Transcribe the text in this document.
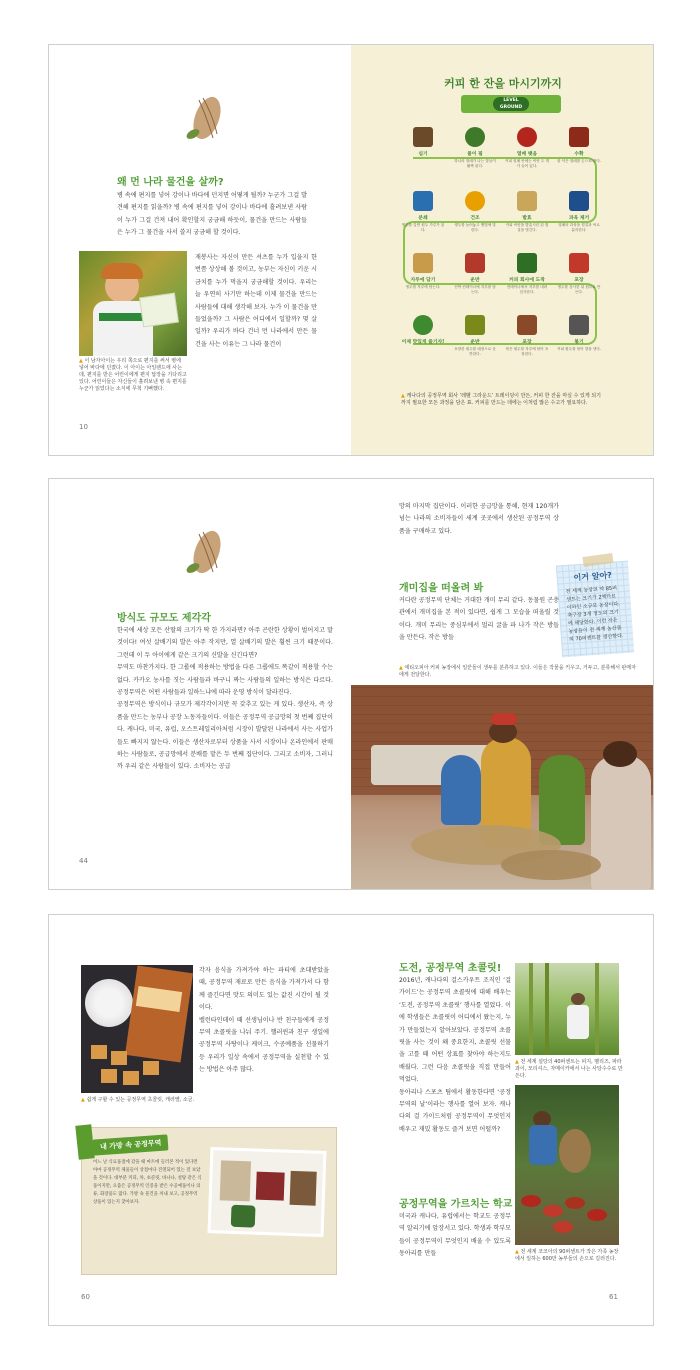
왜 먼 나라 물건을 살까?
병 속에 편지를 넣어 강이나 바다에 던지면 어떻게 될까? 누군가 그걸 발견해 편지를 읽을까? 병 속에 편지를 넣어 강이나 바다에 흘려보낸 사람이 누가 그걸 건져 내어 확인할지 궁금해 하듯이, 물건을 만드는 사람들은 누가 그 물건을 사서 쓸지 궁금해 할 것이다.
▲ 이 남자아이는 우리 쪽으로 편지를 써서 병에 넣어 바다에 던졌다. 이 아이는 아일랜드에 사는데, 편지를 받은 어린이에게 편지 답장을 기다리고 있다. 어린이들은 자신들이 흘려보낸 병 속 편지를 누군가 읽었다는 소식에 무척 기뻐했다.
재봉사는 자신이 만든 셔츠를 누가 입을지 한번쯤 상상해 볼 것이고, 농부는 자신이 키운 시금치를 누가 먹을지 궁금해할 것이다. 우리는 늘 우연히 사기만 하는데 이제 물건을 만드는 사람들에 대해 생각해 보자. 누가 이 물건을 만들었을까? 그 사람은 어디에서 일할까? 몇 살일까? 우리가 바다 건너 먼 나라에서 만든 물건을 사는 이유는 그 나라 물건이
10
커피 한 잔을 마시기까지
LEVEL GROUND
심기	물이 핌
하나의 열매가 나는 꽃들이 활짝 핀다.
열매 맺음
커피 열매 안에는 씨앗 두 개가 들어 있다.
수확
잘 익은 열매를 손으로 딴다.
분쇄
생두를 갈면 원두 가루가 된다.
건조
생두를 늘어놓고 햇빛에 말린다.
발효
커피 씨앗을 발효시킨 뒤 껍질을 벗긴다.
과육 제거
열매의 과육을 껍질과 씨로 분리한다.
자루에 담기
생두를 자루에 담는다.
운반
선박 컨테이너에 자루를 담는다.
커피 회사에 도착
컨테이너에서 자루를 내려 검사한다.
포장
생두를 검사한 뒤 원두로 만든다.
이제 맛있게 즐기자!	운반
포장한 원두를 매장으로 운반한다.
포장
볶은 원두를 자루에 담아 포장한다.
볶기
커피 원두를 볶아 향을 낸다.
▲ 캐나다의 공정무역 회사 ‘레벨 그라운드’ 트레이딩이 만든, 커피 한 잔을 마실 수 있게 되기까지 필요한 모든 과정을 담은 표. 커피를 만드는 데에는 이처럼 많은 수고가 필요하다.
방식도 규모도 제각각
한국에 세상 모든 산딸의 크기가 딱 한 가지라면? 아주 곤란한 상황이 벌어지고 말 것이다! 여섯 살배기의 발은 아주 작지만, 열 살배기의 발은 훨씬 크기 때문이다. 그런데 이 두 아이에게 같은 크기의 신발을 신긴다면?
무역도 마찬가지다. 한 그룹에 적용하는 방법을 다른 그룹에도 똑같이 적용할 수는 없다. 카카오 농사를 짓는 사람들과 바구니 짜는 사람들의 일하는 방식은 다르다. 공정무역은 어떤 사람들과 일하느냐에 따라 운영 방식이 달라진다.
공정무역은 방식이나 규모가 제각각이지만 꼭 갖추고 있는 게 있다. 생산자, 즉 상품을 만드는 농부나 공장 노동자들이다. 이들은 공정무역 공급망의 첫 번째 집단이다. 캐나다, 미국, 유럽, 오스트레일리아처럼 시장이 발달된 나라에서 사는 사업가들도 빠지지 않는다. 이들은 생산자로부터 상품을 사서 시장이나 온라인에서 판매하는 사람들로, 공급망에서 분배를 맡은 두 번째 집단이다. 그리고 소비자, 그러니까 우리 같은 사람들이 있다. 소비자는 공급
44
망의 마지막 집단이다. 이러한 공급망을 통해, 현재 120개가 넘는 나라의 소비자들이 세계 곳곳에서 생산된 공정무역 상품을 구매하고 있다.
이거 알아?
전 세계 농장의 약 85퍼센트는 크기가 2헥타르 이하인 소규모 농장이다. 축구장 3개 정도의 크기에 해당한다. 이런 작은 농장들이 전 세계 농산물의 70퍼센트를 생산한다.
개미집을 떠올려 봐
커다란 공정무역 단체는 거대한 개미 무리 같다. 동물원 곤충관에서 개미집을 본 적이 있다면, 쉽게 그 모습을 떠올릴 것이다. 개미 무리는 중심부에서 멀리 굴을 파 나가 작은 방들을 만든다. 작은 방들
▲ 에티오피아 커피 농장에서 일꾼들이 생두를 분류하고 있다. 이들은 작물을 키우고, 거두고, 분류해서 판매자에게 전달한다.
▲ 쉽게 구할 수 있는 공정무역 초콜릿, 캐러멜, 소금.
각자 음식을 가져가야 하는 파티에 초대받았을 때, 공정무역 재료로 만든 음식을 가져가서 다 함께 즐긴다면 맛도 의미도 있는 값진 시간이 될 것이다.
밸런타인데이 때 선생님이나 반 친구들에게 공정무역 초콜릿을 나눠 주기. 핼러윈과 친구 생일에 공정무역 사탕이나 케이크, 수공예품을 선물하기 등 우리가 일상 속에서 공정무역을 실천할 수 있는 방법은 아주 많다.
내 가방 속 공정무역
어느 날 식료품점에 갔을 때 마트에 들러본 적이 있다면 아마 공정무역 제품들이 상점마다 진열되어 있는 걸 보았을 것이다. 대부분 커피, 차, 초콜릿, 바나나, 설탕 같은 식품이지만, 요즘은 공정무역 인증을 받은 수공예품이나 의류, 화장품도 많다. 가방 속 물건을 꺼내 보고, 공정무역 상품이 있는지 찾아보자.
60
도전, 공정무역 초콜릿!
2016년, 캐나다의 걸스카우트 조직인 ‘걸 가이드’는 공정무역 초콜릿에 대해 배우는 ‘도전, 공정무역 초콜릿’ 행사를 열었다. 이에 학생들은 초콜릿이 어디에서 왔는지, 누가 만들었는지 알아보았다. 공정무역 초콜릿을 사는 것이 왜 중요한지, 초콜릿 선물을 고를 때 어떤 상표를 찾아야 하는지도 배웠다. 그런 다음 초콜릿을 직접 만들어 먹었다.
동아리나 스포츠 팀에서 활동한다면 ‘공정무역의 날’이라는 행사를 열어 보자. 캐나다의 걸 가이드처럼 공정무역이 무엇인지 배우고 재밌 활동도 즐겨 보면 어떨까?
공정무역을 가르치는 학교
미국과 캐나다, 유럽에서는 학교도 공정무역 알리기에 앞장서고 있다. 학생과 학부모들이 공정무역이 무엇인지 배울 수 있도록 동아리를 만들
▲ 전 세계 설탕의 40퍼센트는 피지, 벨리즈, 파라과이, 모리셔스, 자메이카에서 나는 사탕수수로 만든다.
▲ 전 세계 코코아의 90퍼센트가 작은 가족 농장에서 일하는 600만 농부들의 손으로 길러진다.
61
